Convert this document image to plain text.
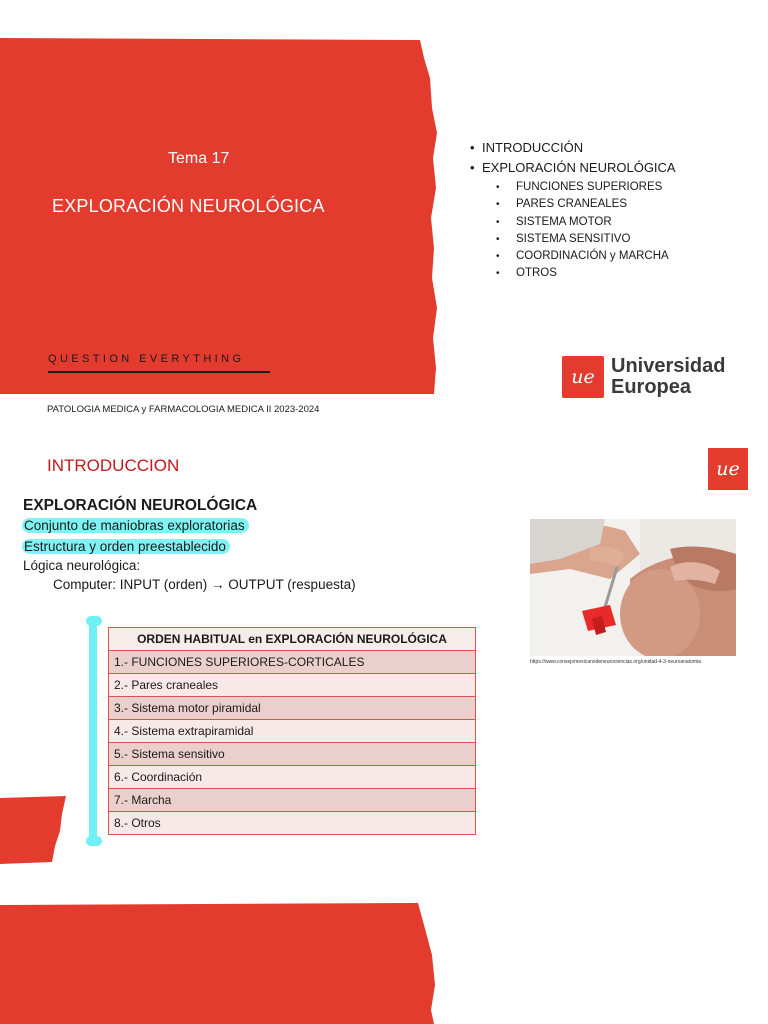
Tema 17
EXPLORACIÓN NEUROLÓGICA
QUESTION EVERYTHING
PATOLOGIA MEDICA y FARMACOLOGIA MEDICA II 2023-2024
• INTRODUCCIÓN
• EXPLORACIÓN NEUROLÓGICA
• FUNCIONES SUPERIORES
• PARES CRANEALES
• SISTEMA MOTOR
• SISTEMA SENSITIVO
• COORDINACIÓN y MARCHA
• OTROS
ue Universidad
Europea
INTRODUCCION	ue
EXPLORACIÓN NEUROLÓGICA
Conjunto de maniobras exploratorias
Estructura y orden preestablecido
Lógica neurológica:
Computer: INPUT (orden) → OUTPUT (respuesta)
ORDEN HABITUAL en EXPLORACIÓN NEUROLÓGICA
1.- FUNCIONES SUPERIORES-CORTICALES
2.- Pares craneales
3.- Sistema motor piramidal
4.- Sistema extrapiramidal
5.- Sistema sensitivo
6.- Coordinación
7.- Marcha
8.- Otros
https://www.consejomexicanodeneurociencias.org/unidad-4-3-neuroanatomia
